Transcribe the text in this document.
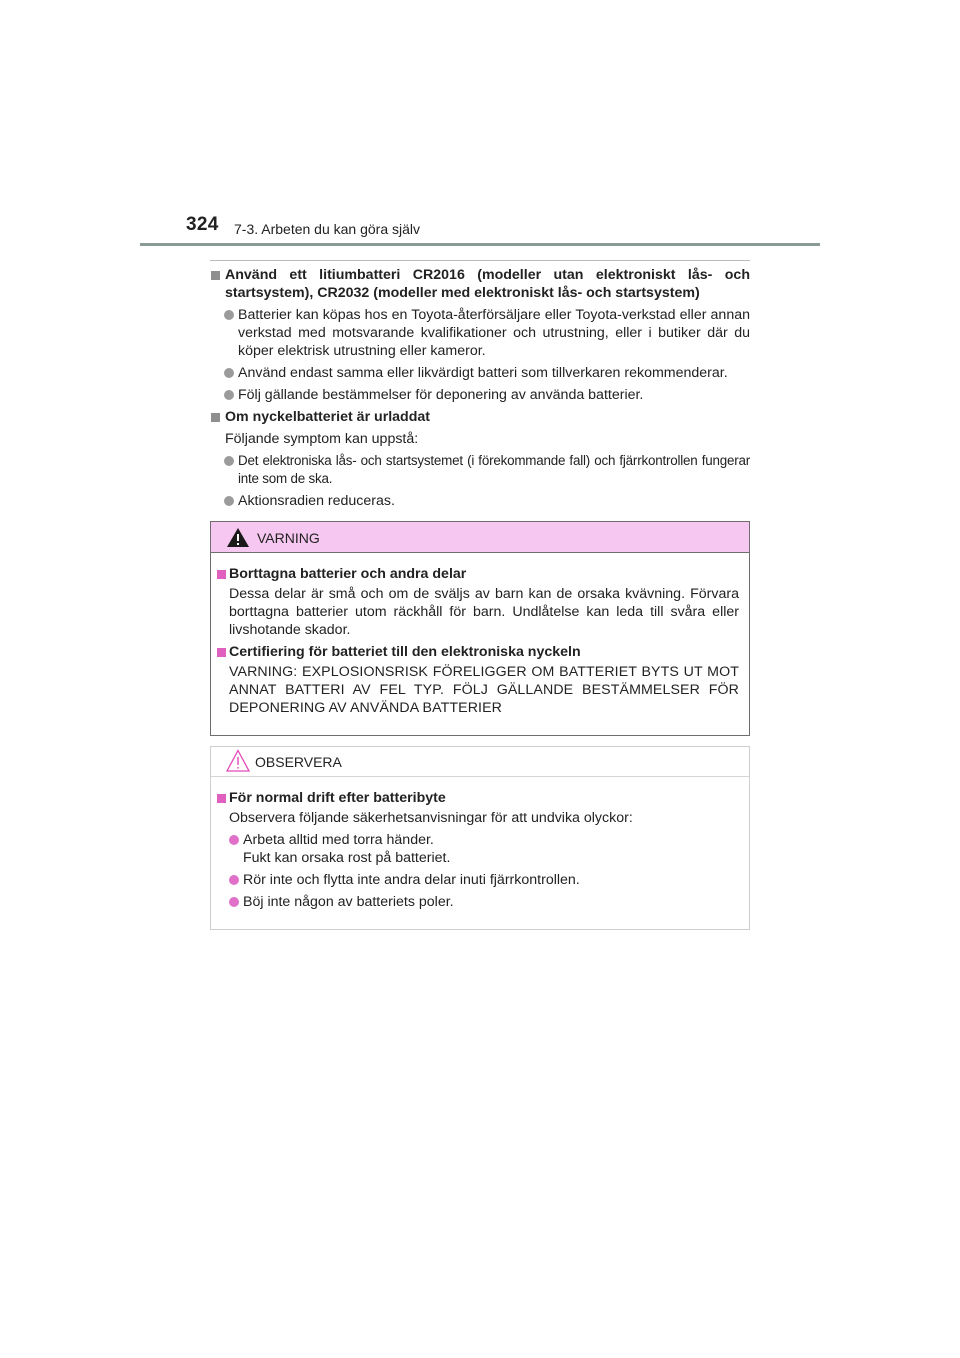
324 7-3. Arbeten du kan göra själv
Använd ett litiumbatteri CR2016 (modeller utan elektroniskt lås- och startsystem), CR2032 (modeller med elektroniskt lås- och startsystem)
Batterier kan köpas hos en Toyota-återförsäljare eller Toyota-verkstad eller annan verkstad med motsvarande kvalifikationer och utrustning, eller i butiker där du köper elektrisk utrustning eller kameror.
Använd endast samma eller likvärdigt batteri som tillverkaren rekommenderar.
Följ gällande bestämmelser för deponering av använda batterier.
Om nyckelbatteriet är urladdat
Följande symptom kan uppstå:
Det elektroniska lås- och startsystemet (i förekommande fall) och fjärrkontrollen fungerar inte som de ska.
Aktionsradien reduceras.
VARNING
Borttagna batterier och andra delar
Dessa delar är små och om de sväljs av barn kan de orsaka kvävning. Förvara borttagna batterier utom räckhåll för barn. Undlåtelse kan leda till svåra eller livshotande skador.
Certifiering för batteriet till den elektroniska nyckeln
VARNING: EXPLOSIONSRISK FÖRELIGGER OM BATTERIET BYTS UT MOT ANNAT BATTERI AV FEL TYP. FÖLJ GÄLLANDE BESTÄMMELSER FÖR DEPONERING AV ANVÄNDA BATTERIER
OBSERVERA
För normal drift efter batteribyte
Observera följande säkerhetsanvisningar för att undvika olyckor:
Arbeta alltid med torra händer.
Fukt kan orsaka rost på batteriet.
Rör inte och flytta inte andra delar inuti fjärrkontrollen.
Böj inte någon av batteriets poler.
